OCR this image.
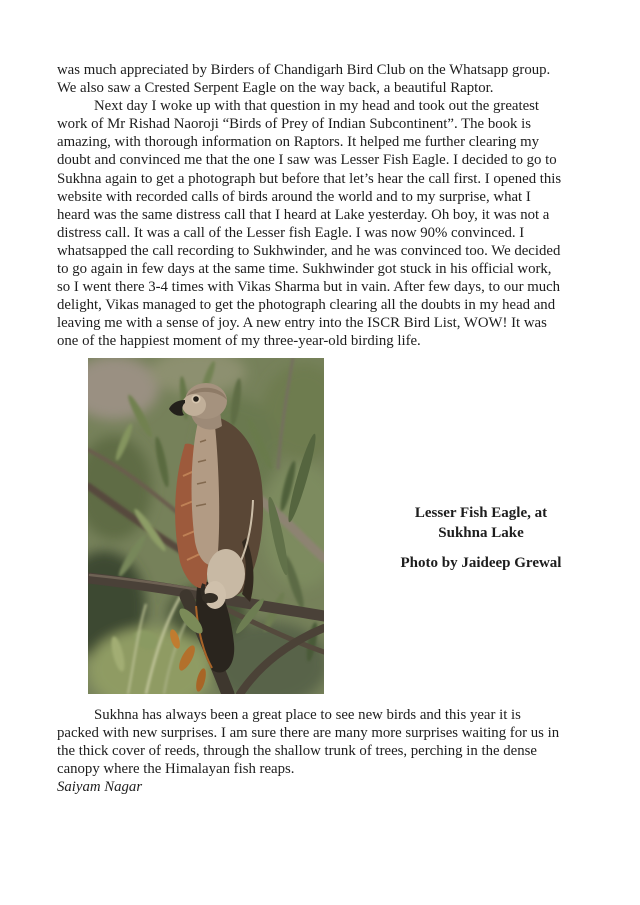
was much appreciated by Birders of Chandigarh Bird Club on the Whatsapp group.
We also saw a Crested Serpent Eagle on the way back, a beautiful Raptor.
Next day I woke up with that question in my head and took out the greatest
work of Mr Rishad Naoroji “Birds of Prey of Indian Subcontinent”. The book is
amazing, with thorough information on Raptors. It helped me further clearing my
doubt and convinced me that the one I saw was Lesser Fish Eagle. I decided to go to
Sukhna again to get a photograph but before that let’s hear the call first. I opened this
website with recorded calls of birds around the world and to my surprise, what I
heard was the same distress call that I heard at Lake yesterday. Oh boy, it was not a
distress call. It was a call of the Lesser fish Eagle. I was now 90% convinced. I
whatsapped the call recording to Sukhwinder, and he was convinced too. We decided
to go again in few days at the same time. Sukhwinder got stuck in his official work,
so I went there 3-4 times with Vikas Sharma but in vain. After few days, to our much
delight, Vikas managed to get the photograph clearing all the doubts in my head and
leaving me with a sense of joy. A new entry into the ISCR Bird List, WOW! It was
one of the happiest moment of my three-year-old birding life.
Lesser Fish Eagle, at
Sukhna Lake
Photo by Jaideep Grewal
Sukhna has always been a great place to see new birds and this year it is
packed with new surprises. I am sure there are many more surprises waiting for us in
the thick cover of reeds, through the shallow trunk of trees, perching in the dense
canopy where the Himalayan fish reaps.
Saiyam Nagar
